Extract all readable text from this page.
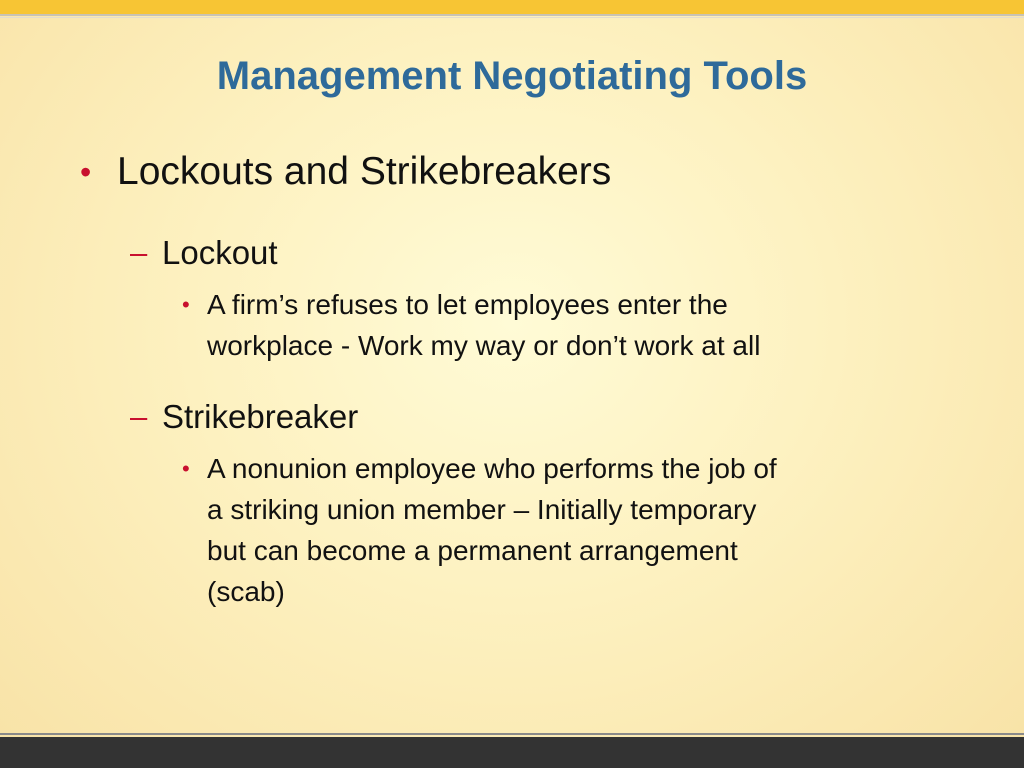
Management Negotiating Tools
• Lockouts and Strikebreakers
– Lockout
• A firm’s refuses to let employees enter the
workplace - Work my way or don’t work at all
– Strikebreaker
• A nonunion employee who performs the job of
a striking union member – Initially temporary
but can become a permanent arrangement
(scab)
